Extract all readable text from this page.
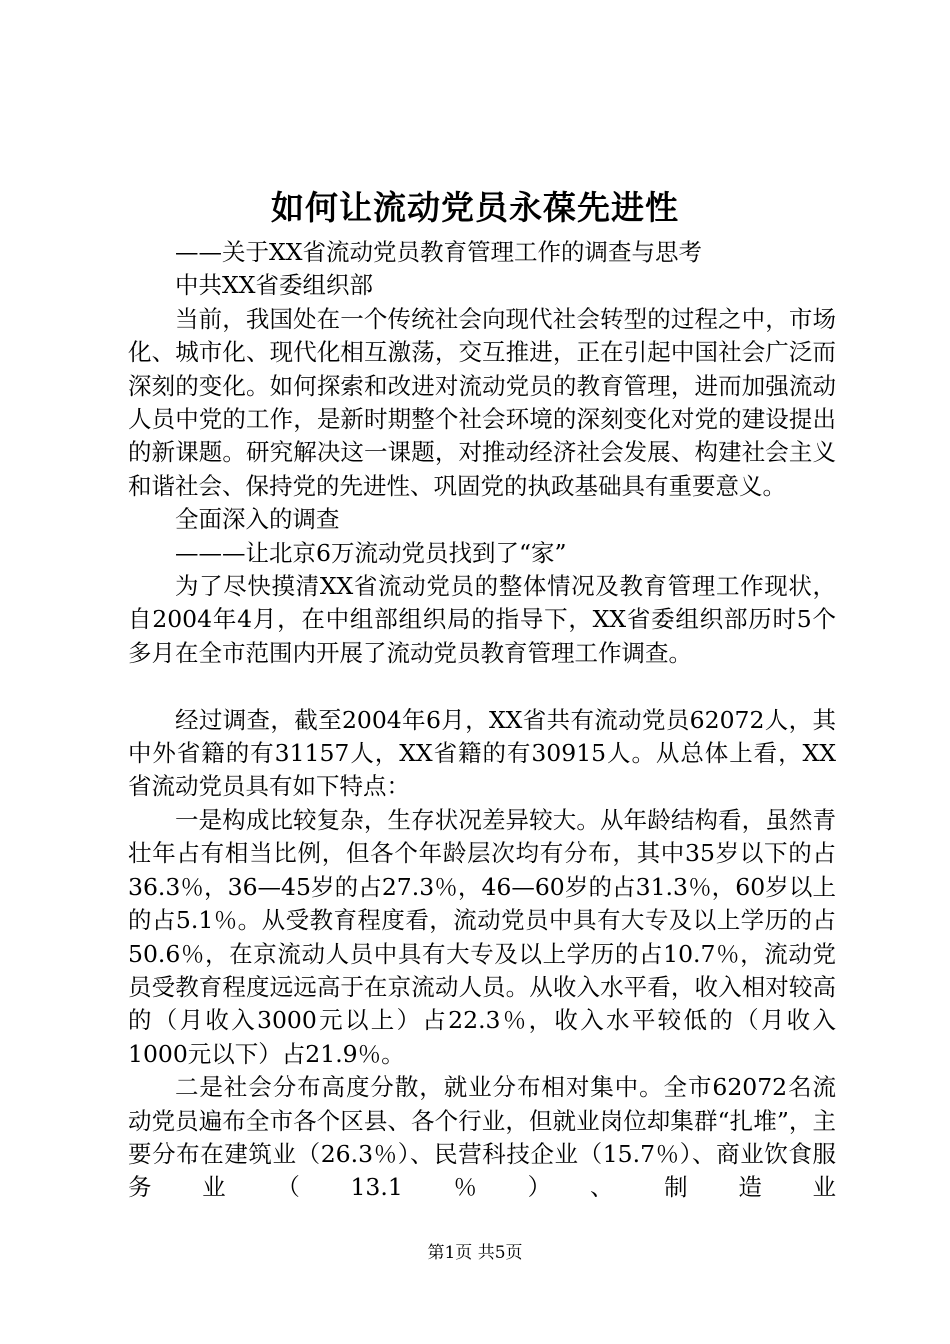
如何让流动党员永葆先进性

——关于XX省流动党员教育管理工作的调查与思考

中共XX省委组织部

当前，我国处在一个传统社会向现代社会转型的过程之中，市场化、城市化、现代化相互激荡，交互推进，正在引起中国社会广泛而深刻的变化。如何探索和改进对流动党员的教育管理，进而加强流动人员中党的工作，是新时期整个社会环境的深刻变化对党的建设提出的新课题。研究解决这一课题，对推动经济社会发展、构建社会主义和谐社会、保持党的先进性、巩固党的执政基础具有重要意义。

全面深入的调查

———让北京6万流动党员找到了“家”

为了尽快摸清XX省流动党员的整体情况及教育管理工作现状，自2004年4月，在中组部组织局的指导下，XX省委组织部历时5个多月在全市范围内开展了流动党员教育管理工作调查。

经过调查，截至2004年6月，XX省共有流动党员62072人，其中外省籍的有31157人，XX省籍的有30915人。从总体上看，XX省流动党员具有如下特点：

一是构成比较复杂，生存状况差异较大。从年龄结构看，虽然青壮年占有相当比例，但各个年龄层次均有分布，其中35岁以下的占36.3％，36—45岁的占27.3％，46—60岁的占31.3％，60岁以上的占5.1％。从受教育程度看，流动党员中具有大专及以上学历的占50.6％，在京流动人员中具有大专及以上学历的占10.7％，流动党员受教育程度远远高于在京流动人员。从收入水平看，收入相对较高的（月收入3000元以上）占22.3％，收入水平较低的（月收入1000元以下）占21.9％。

二是社会分布高度分散，就业分布相对集中。全市62072名流动党员遍布全市各个区县、各个行业，但就业岗位却集群“扎堆”，主要分布在建筑业（26.3％）、民营科技企业（15.7％）、商业饮食服务业（13.1％）、制造业

第1页 共5页
